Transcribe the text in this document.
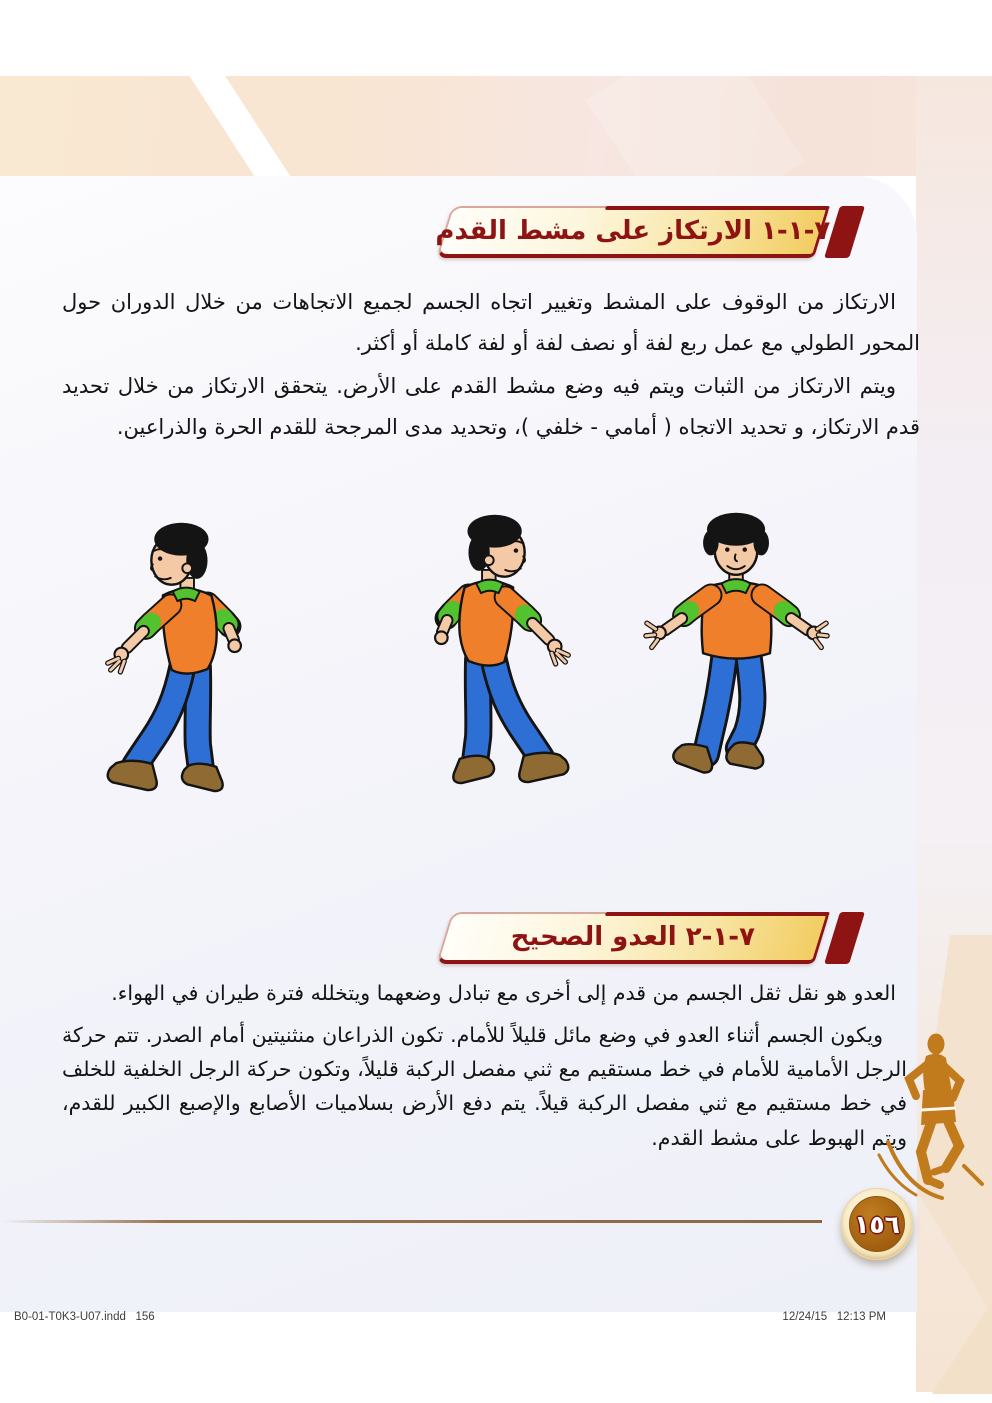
٧-١-١ الارتكاز على مشط القدم

الارتكاز من الوقوف على المشط وتغيير اتجاه الجسم لجميع الاتجاهات من خلال الدوران حول المحور الطولي مع عمل ربع لفة أو نصف لفة أو لفة كاملة أو أكثر.

ويتم الارتكاز من الثبات ويتم فيه وضع مشط القدم على الأرض. يتحقق الارتكاز من خلال تحديد قدم الارتكاز، و تحديد الاتجاه ( أمامي - خلفي )، وتحديد مدى المرجحة للقدم الحرة والذراعين.

٧-١-٢ العدو الصحيح

العدو هو نقل ثقل الجسم من قدم إلى أخرى مع تبادل وضعهما ويتخلله فترة طيران في الهواء.

ويكون الجسم أثناء العدو في وضع مائل قليلاً للأمام. تكون الذراعان منثنيتين أمام الصدر. تتم حركة الرجل الأمامية للأمام في خط مستقيم مع ثني مفصل الركبة قليلاً، وتكون حركة الرجل الخلفية للخلف في خط مستقيم مع ثني مفصل الركبة قيلاً. يتم دفع الأرض بسلاميات الأصابع والإصبع الكبير للقدم، ويتم الهبوط على مشط القدم.

١٥٦
B0-01-T0K3-U07.indd   156	12/24/15   12:13 PM
